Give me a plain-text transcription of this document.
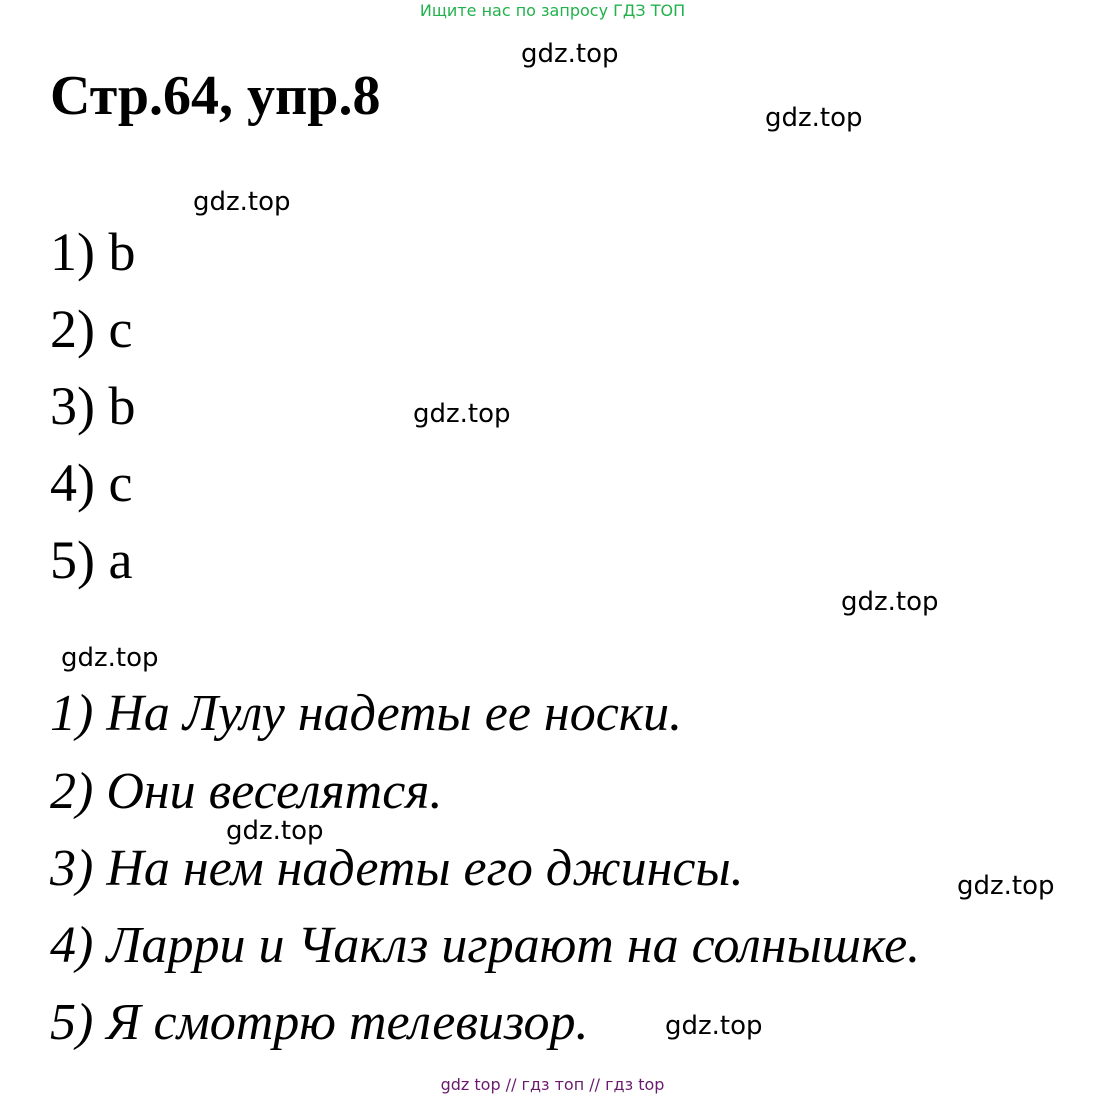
Ищите нас по запросу ГДЗ ТОП
Стр.64, упр.8
1) b
2) c
3) b
4) c
5) a
1) На Лулу надеты ее носки.
2) Они веселятся.
3) На нем надеты его джинсы.
4) Ларри и Чаклз играют на солнышке.
5) Я смотрю телевизор.
gdz.top
gdz.top
gdz.top
gdz.top
gdz.top
gdz.top
gdz.top
gdz.top
gdz.top
gdz top // гдз топ // гдз top
